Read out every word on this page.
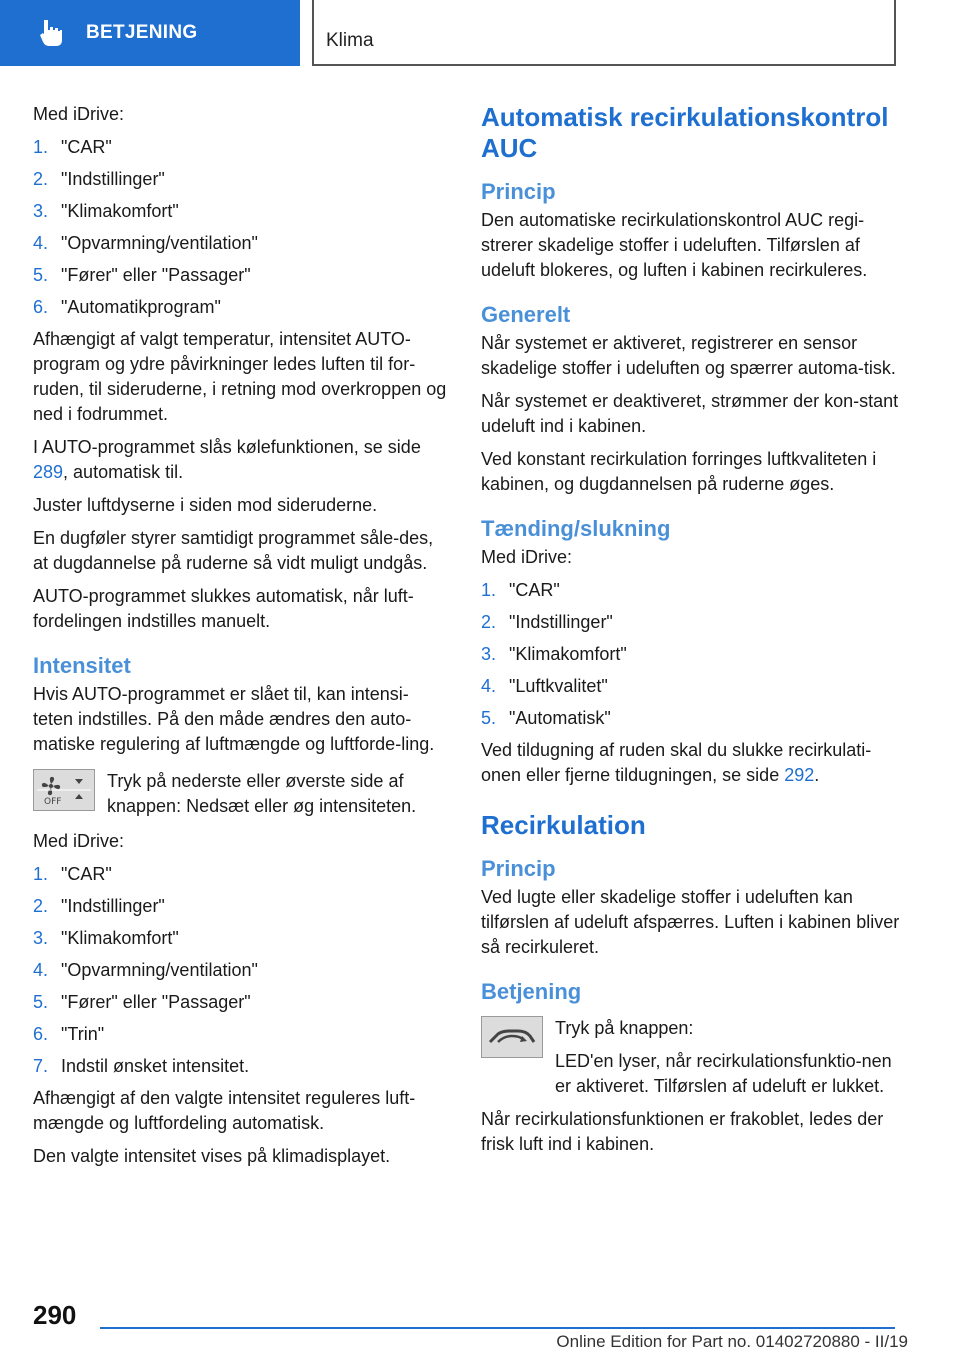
BETJENING	Klima

Med iDrive:

1. "CAR"
2. "Indstillinger"
3. "Klimakomfort"
4. "Opvarmning/ventilation"
5. "Fører" eller "Passager"
6. "Automatikprogram"

Afhængigt af valgt temperatur, intensitet AUTO-program og ydre påvirkninger ledes luften til for-ruden, til sideruderne, i retning mod overkroppen og ned i fodrummet.

I AUTO-programmet slås kølefunktionen, se side 289, automatisk til.

Juster luftdyserne i siden mod sideruderne.

En dugføler styrer samtidigt programmet såle-des, at dugdannelse på ruderne så vidt muligt undgås.

AUTO-programmet slukkes automatisk, når luft-fordelingen indstilles manuelt.

Intensitet

Hvis AUTO-programmet er slået til, kan intensi-teten indstilles. På den måde ændres den auto-matiske regulering af luftmængde og luftforde-ling.

OFF

Tryk på nederste eller øverste side af knappen: Nedsæt eller øg intensiteten.

Med iDrive:

1. "CAR"
2. "Indstillinger"
3. "Klimakomfort"
4. "Opvarmning/ventilation"
5. "Fører" eller "Passager"
6. "Trin"
7. Indstil ønsket intensitet.

Afhængigt af den valgte intensitet reguleres luft-mængde og luftfordeling automatisk.

Den valgte intensitet vises på klimadisplayet.

Automatisk recirkulationskontrol AUC
Princip

Den automatiske recirkulationskontrol AUC regi-strerer skadelige stoffer i udeluften. Tilførslen af udeluft blokeres, og luften i kabinen recirkuleres.

Generelt

Når systemet er aktiveret, registrerer en sensor skadelige stoffer i udeluften og spærrer automa-tisk.

Når systemet er deaktiveret, strømmer der kon-stant udeluft ind i kabinen.

Ved konstant recirkulation forringes luftkvaliteten i kabinen, og dugdannelsen på ruderne øges.

Tænding/slukning

Med iDrive:

1. "CAR"
2. "Indstillinger"
3. "Klimakomfort"
4. "Luftkvalitet"
5. "Automatisk"

Ved tildugning af ruden skal du slukke recirkulati-onen eller fjerne tildugningen, se side 292.

Recirkulation
Princip

Ved lugte eller skadelige stoffer i udeluften kan tilførslen af udeluft afspærres. Luften i kabinen bliver så recirkuleret.

Betjening

Tryk på knappen:

LED'en lyser, når recirkulationsfunktio-nen er aktiveret. Tilførslen af udeluft er lukket.

Når recirkulationsfunktionen er frakoblet, ledes der frisk luft ind i kabinen.

290
Online Edition for Part no. 01402720880 - II/19
